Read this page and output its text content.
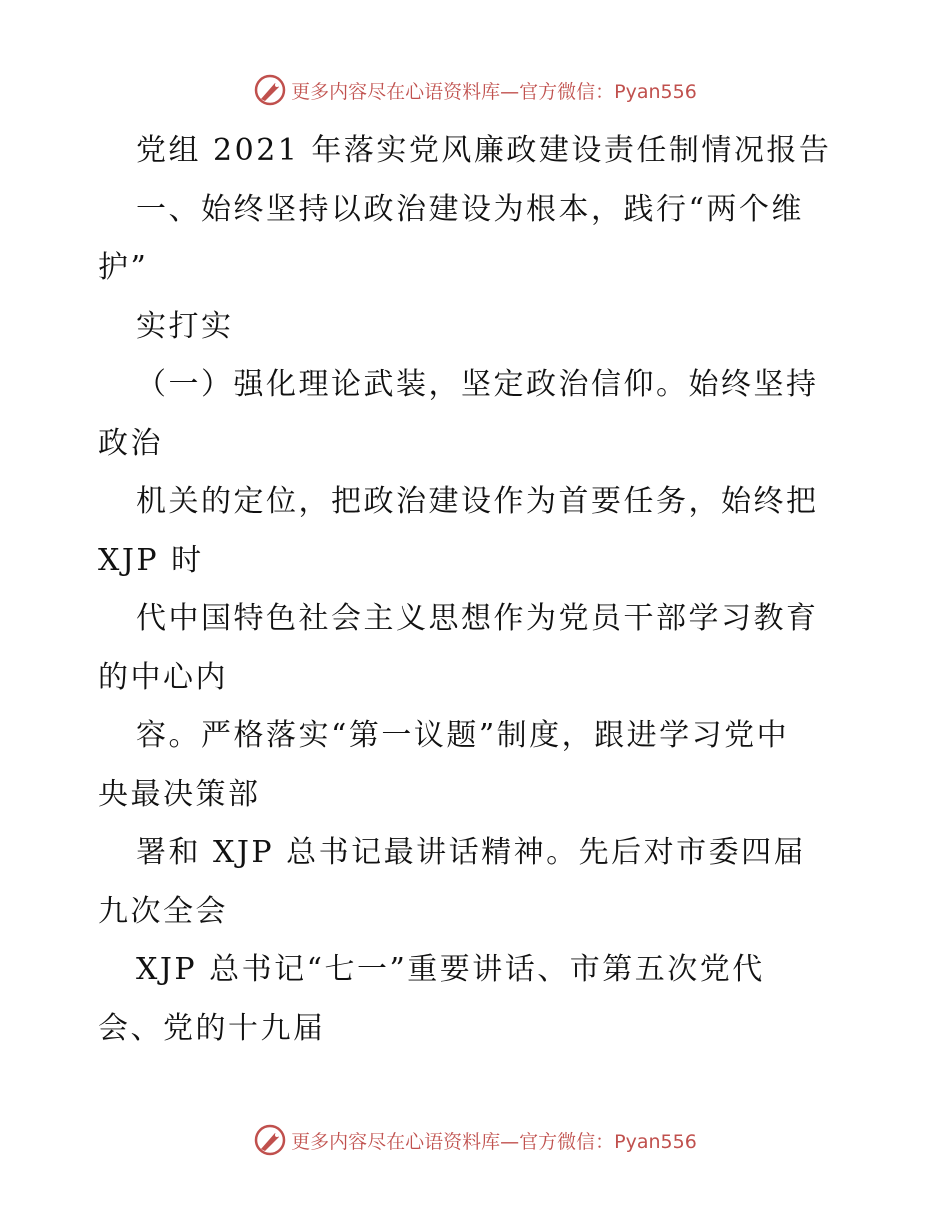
更多内容尽在心语资料库—官方微信：Pyan556
党组 2021 年落实党风廉政建设责任制情况报告
一、始终坚持以政治建设为根本，践行“两个维
护”
实打实
（一）强化理论武装，坚定政治信仰。始终坚持
政治
机关的定位，把政治建设作为首要任务，始终把
XJP 时
代中国特色社会主义思想作为党员干部学习教育
的中心内
容。严格落实“第一议题”制度，跟进学习党中
央最决策部
署和 XJP 总书记最讲话精神。先后对市委四届
九次全会
XJP 总书记“七一”重要讲话、市第五次党代
会、党的十九届
更多内容尽在心语资料库—官方微信：Pyan556
